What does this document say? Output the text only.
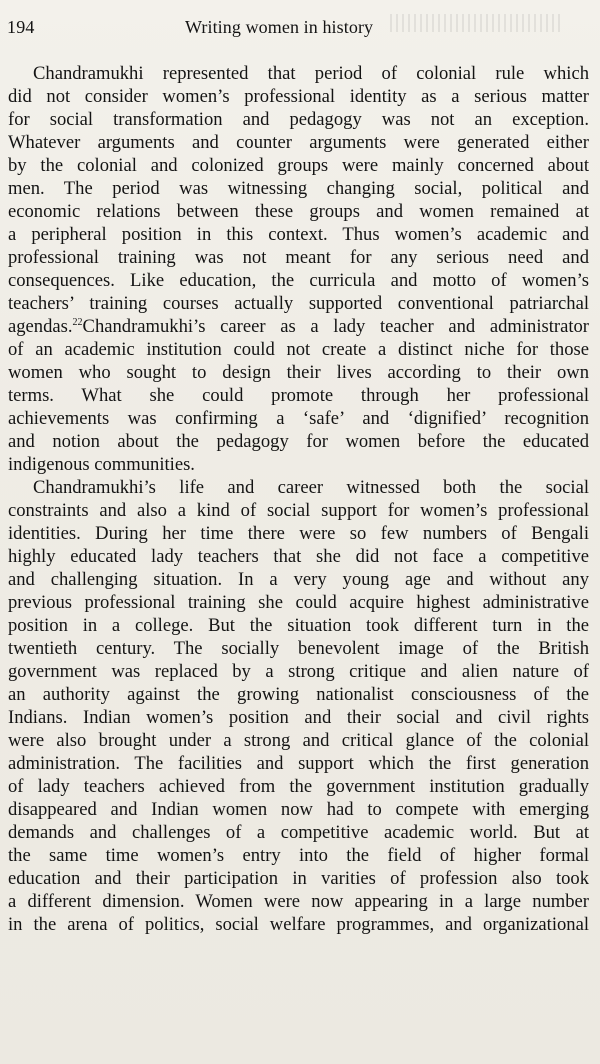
194	Writing women in history
Chandramukhi represented that period of colonial rule which
did not consider women’s professional identity as a serious matter
for social transformation and pedagogy was not an exception.
Whatever arguments and counter arguments were generated either
by the colonial and colonized groups were mainly concerned about
men. The period was witnessing changing social, political and
economic relations between these groups and women remained at
a peripheral position in this context. Thus women’s academic and
professional training was not meant for any serious need and
consequences. Like education, the curricula and motto of women’s
teachers’ training courses actually supported conventional patriarchal
agendas.$^{22}$Chandramukhi’s career as a lady teacher and administrator
of an academic institution could not create a distinct niche for those
women who sought to design their lives according to their own
terms. What she could promote through her professional
achievements was confirming a ‘safe’ and ‘dignified’ recognition
and notion about the pedagogy for women before the educated
indigenous communities.
Chandramukhi’s life and career witnessed both the social
constraints and also a kind of social support for women’s professional
identities. During her time there were so few numbers of Bengali
highly educated lady teachers that she did not face a competitive
and challenging situation. In a very young age and without any
previous professional training she could acquire highest administrative
position in a college. But the situation took different turn in the
twentieth century. The socially benevolent image of the British
government was replaced by a strong critique and alien nature of
an authority against the growing nationalist consciousness of the
Indians. Indian women’s position and their social and civil rights
were also brought under a strong and critical glance of the colonial
administration. The facilities and support which the first generation
of lady teachers achieved from the government institution gradually
disappeared and Indian women now had to compete with emerging
demands and challenges of a competitive academic world. But at
the same time women’s entry into the field of higher formal
education and their participation in varities of profession also took
a different dimension. Women were now appearing in a large number
in the arena of politics, social welfare programmes, and organizational
